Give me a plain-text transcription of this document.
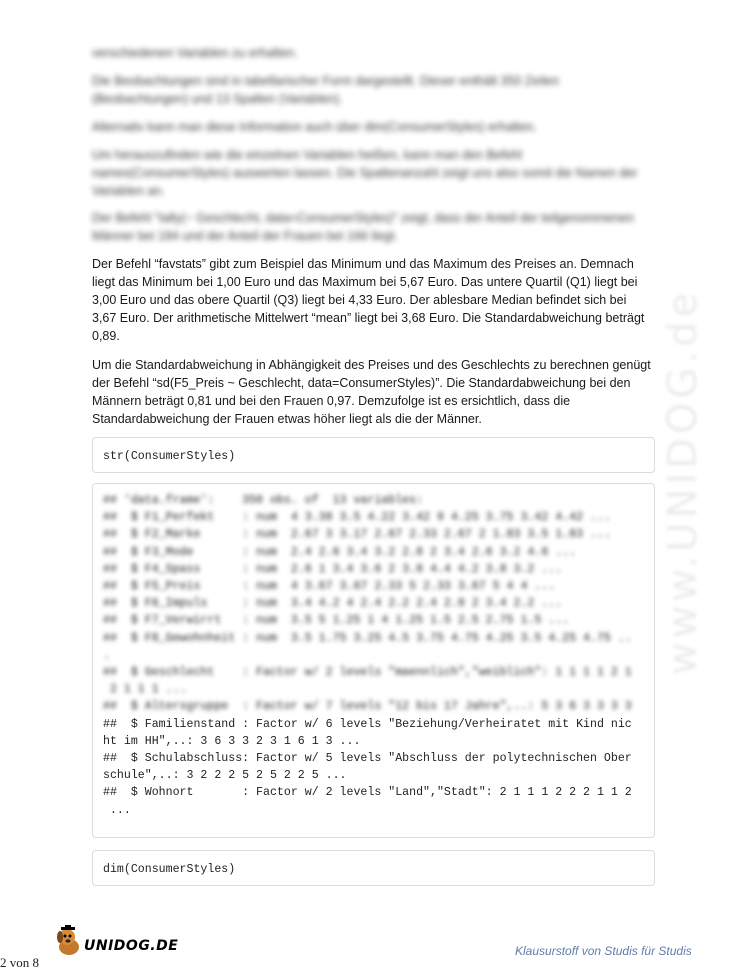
www.UNIDOG.de

verschiedenen Variablen zu erhalten.

Die Beobachtungen sind in tabellarischer Form dargestellt. Dieser enthält 350 Zeilen (Beobachtungen) und 13 Spalten (Variablen).

Alternativ kann man diese Information auch über dim(ConsumerStyles) erhalten.

Um herauszufinden wie die einzelnen Variablen heißen, kann man den Befehl names(ConsumerStyles) auswerten lassen. Die Spaltenanzahl zeigt uns also somit die Namen der Variablen an.

Der Befehl "tally(~ Geschlecht, data=ConsumerStyles)" zeigt, dass der Anteil der teilgenommenen Männer bei 184 und der Anteil der Frauen bei 166 liegt.

Der Befehl “favstats” gibt zum Beispiel das Minimum und das Maximum des Preises an. Demnach liegt das Minimum bei 1,00 Euro und das Maximum bei 5,67 Euro. Das untere Quartil (Q1) liegt bei 3,00 Euro und das obere Quartil (Q3) liegt bei 4,33 Euro. Der ablesbare Median befindet sich bei 3,67 Euro. Der arithmetische Mittelwert “mean” liegt bei 3,68 Euro. Die Standardabweichung beträgt 0,89.

Um die Standardabweichung in Abhängigkeit des Preises und des Geschlechts zu berechnen genügt der Befehl “sd(F5_Preis ~ Geschlecht, data=ConsumerStyles)”. Die Standardabweichung bei den Männern beträgt 0,81 und bei den Frauen 0,97. Demzufolge ist es ersichtlich, dass die Standardabweichung der Frauen etwas höher liegt als die der Männer.

str(ConsumerStyles)
## 'data.frame':    350 obs. of  13 variables:
##  $ F1_Perfekt    : num  4 3.38 3.5 4.22 3.42 9 4.25 3.75 3.42 4.42 ...
##  $ F2_Marke      : num  2.67 3 3.17 2.67 2.33 2.67 2 1.83 3.5 1.83 ...
##  $ F3_Mode       : num  2.4 2.6 3.4 3.2 2.8 2 3.4 2.6 3.2 4.6 ...
##  $ F4_Spass      : num  2.6 1 3.4 3.6 2 3.8 4.4 4.2 3.8 3.2 ...
##  $ F5_Preis      : num  4 3.67 3.67 2.33 5 2.33 3.67 5 4 4 ...
##  $ F6_Impuls     : num  3.4 4.2 4 2.4 2.2 2.4 2.8 2 3.4 2.2 ...
##  $ F7_Verwirrt   : num  3.5 5 1.25 1 4 1.25 1.5 2.5 2.75 1.5 ...
##  $ F8_Gewohnheit : num  3.5 1.75 3.25 4.5 3.75 4.75 4.25 3.5 4.25 4.75 ..
.
##  $ Geschlecht    : Factor w/ 2 levels "maennlich","weiblich": 1 1 1 1 2 1
2 1 1 1 ...
##  $ Altersgruppe  : Factor w/ 7 levels "12 bis 17 Jahre",..: 5 3 6 3 3 3 3
##  $ Familienstand : Factor w/ 6 levels "Beziehung/Verheiratet mit Kind nic
ht im HH",..: 3 6 3 3 2 3 1 6 1 3 ...
##  $ Schulabschluss: Factor w/ 5 levels "Abschluss der polytechnischen Ober
schule",..: 3 2 2 2 5 2 5 2 2 5 ...
##  $ Wohnort       : Factor w/ 2 levels "Land","Stadt": 2 1 1 1 2 2 2 1 1 2
...
dim(ConsumerStyles)
UNIDOG.DE	Klausurstoff von Studis für Studis
2 von 8
